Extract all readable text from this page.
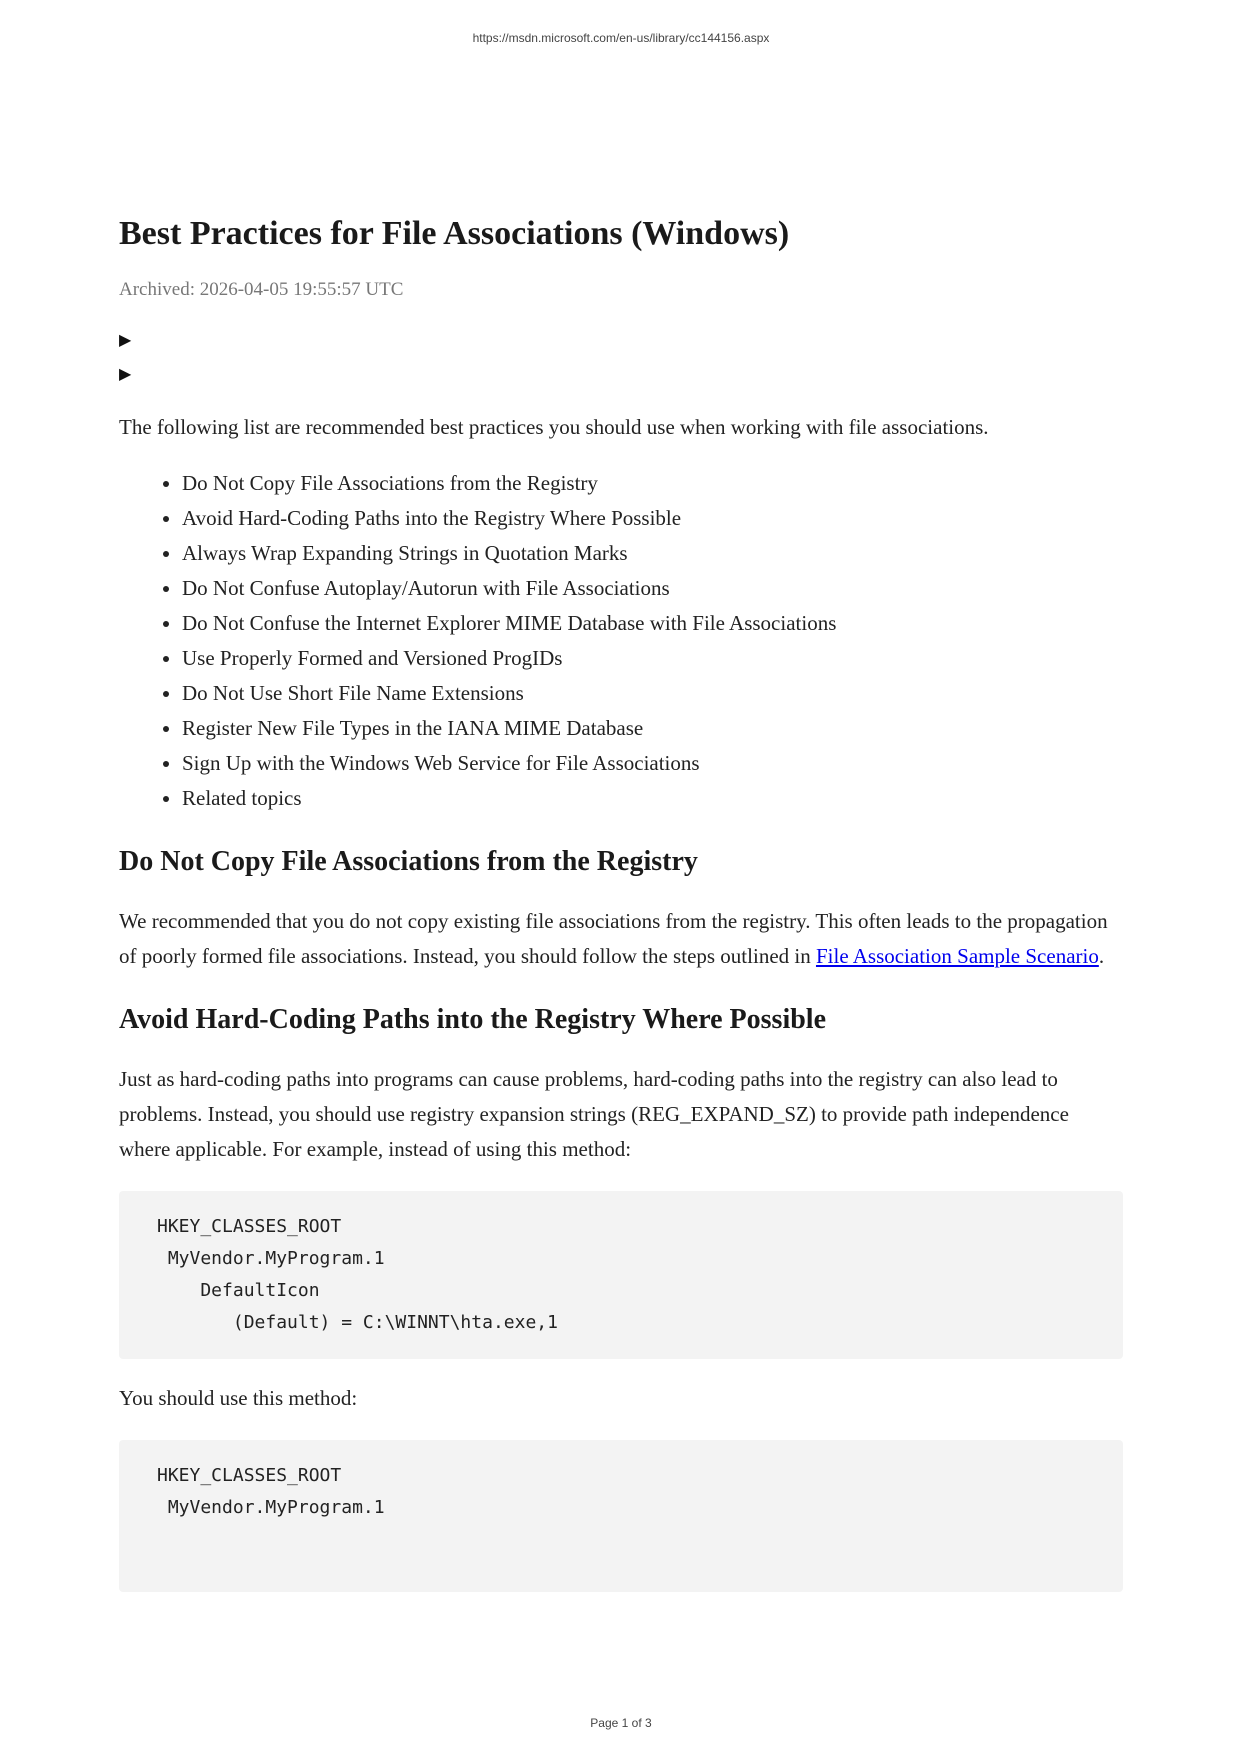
https://msdn.microsoft.com/en-us/library/cc144156.aspx
Best Practices for File Associations (Windows)
Archived: 2026-04-05 19:55:57 UTC
▶
▶

The following list are recommended best practices you should use when working with file associations.

• Do Not Copy File Associations from the Registry
• Avoid Hard-Coding Paths into the Registry Where Possible
• Always Wrap Expanding Strings in Quotation Marks
• Do Not Confuse Autoplay/Autorun with File Associations
• Do Not Confuse the Internet Explorer MIME Database with File Associations
• Use Properly Formed and Versioned ProgIDs
• Do Not Use Short File Name Extensions
• Register New File Types in the IANA MIME Database
• Sign Up with the Windows Web Service for File Associations
• Related topics
Do Not Copy File Associations from the Registry

We recommended that you do not copy existing file associations from the registry. This often leads to the propagation of poorly formed file associations. Instead, you should follow the steps outlined in File Association Sample Scenario.

Avoid Hard-Coding Paths into the Registry Where Possible

Just as hard-coding paths into programs can cause problems, hard-coding paths into the registry can also lead to problems. Instead, you should use registry expansion strings (REG_EXPAND_SZ) to provide path independence where applicable. For example, instead of using this method:

HKEY_CLASSES_ROOT
MyVendor.MyProgram.1
DefaultIcon
(Default) = C:\WINNT\hta.exe,1

You should use this method:

HKEY_CLASSES_ROOT
MyVendor.MyProgram.1
Page 1 of 3
